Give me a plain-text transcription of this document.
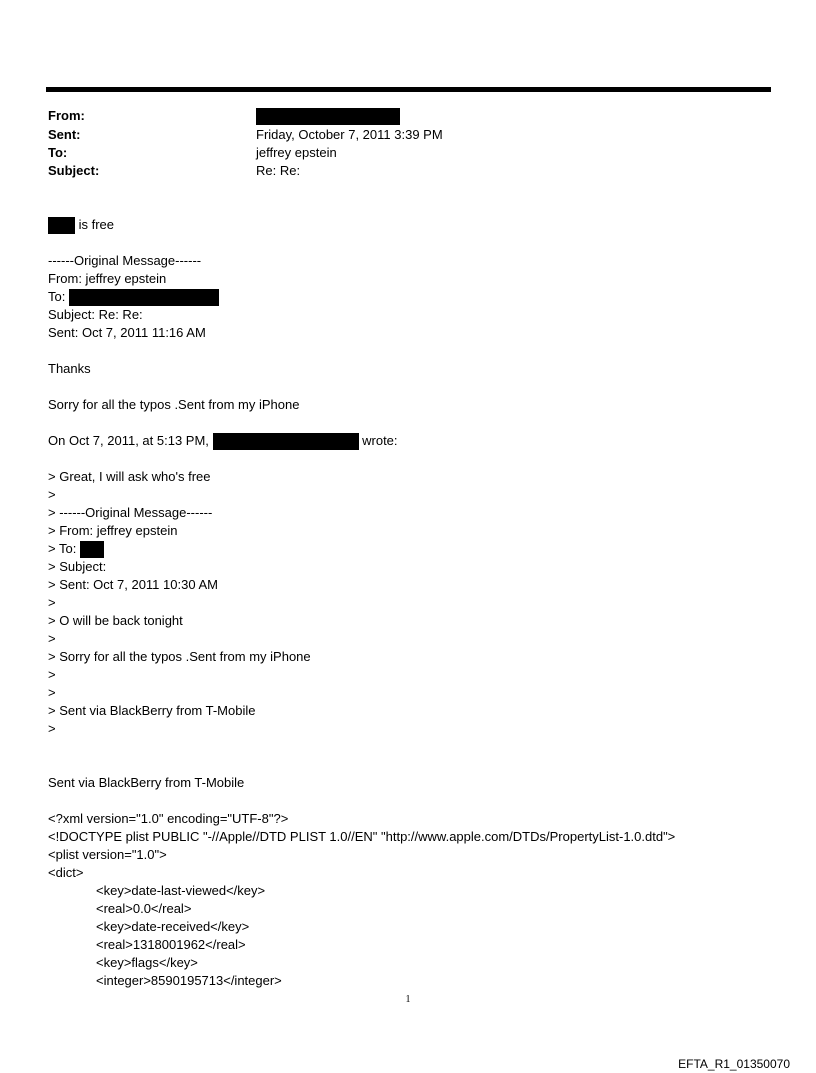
From:
Sent:	Friday, October 7, 2011 3:39 PM
To:	jeffrey epstein
Subject:	Re: Re:
is free
------Original Message------
From: jeffrey epstein
To:
Subject: Re: Re:
Sent: Oct 7, 2011 11:16 AM
Thanks
Sorry for all the typos .Sent from my iPhone
On Oct 7, 2011, at 5:13 PM,	wrote:
> Great, I will ask who's free
>
> ------Original Message------
> From: jeffrey epstein
> To:
> Subject:
> Sent: Oct 7, 2011 10:30 AM
>
> O will be back tonight
>
> Sorry for all the typos .Sent from my iPhone
>
>
> Sent via BlackBerry from T-Mobile
>
Sent via BlackBerry from T-Mobile
<?xml version="1.0" encoding="UTF-8"?>
<!DOCTYPE plist PUBLIC "-//Apple//DTD PLIST 1.0//EN" "http://www.apple.com/DTDs/PropertyList-1.0.dtd">
<plist version="1.0">
<dict>
<key>date-last-viewed</key>
<real>0.0</real>
<key>date-received</key>
<real>1318001962</real>
<key>flags</key>
<integer>8590195713</integer>
1
EFTA_R1_01350070
